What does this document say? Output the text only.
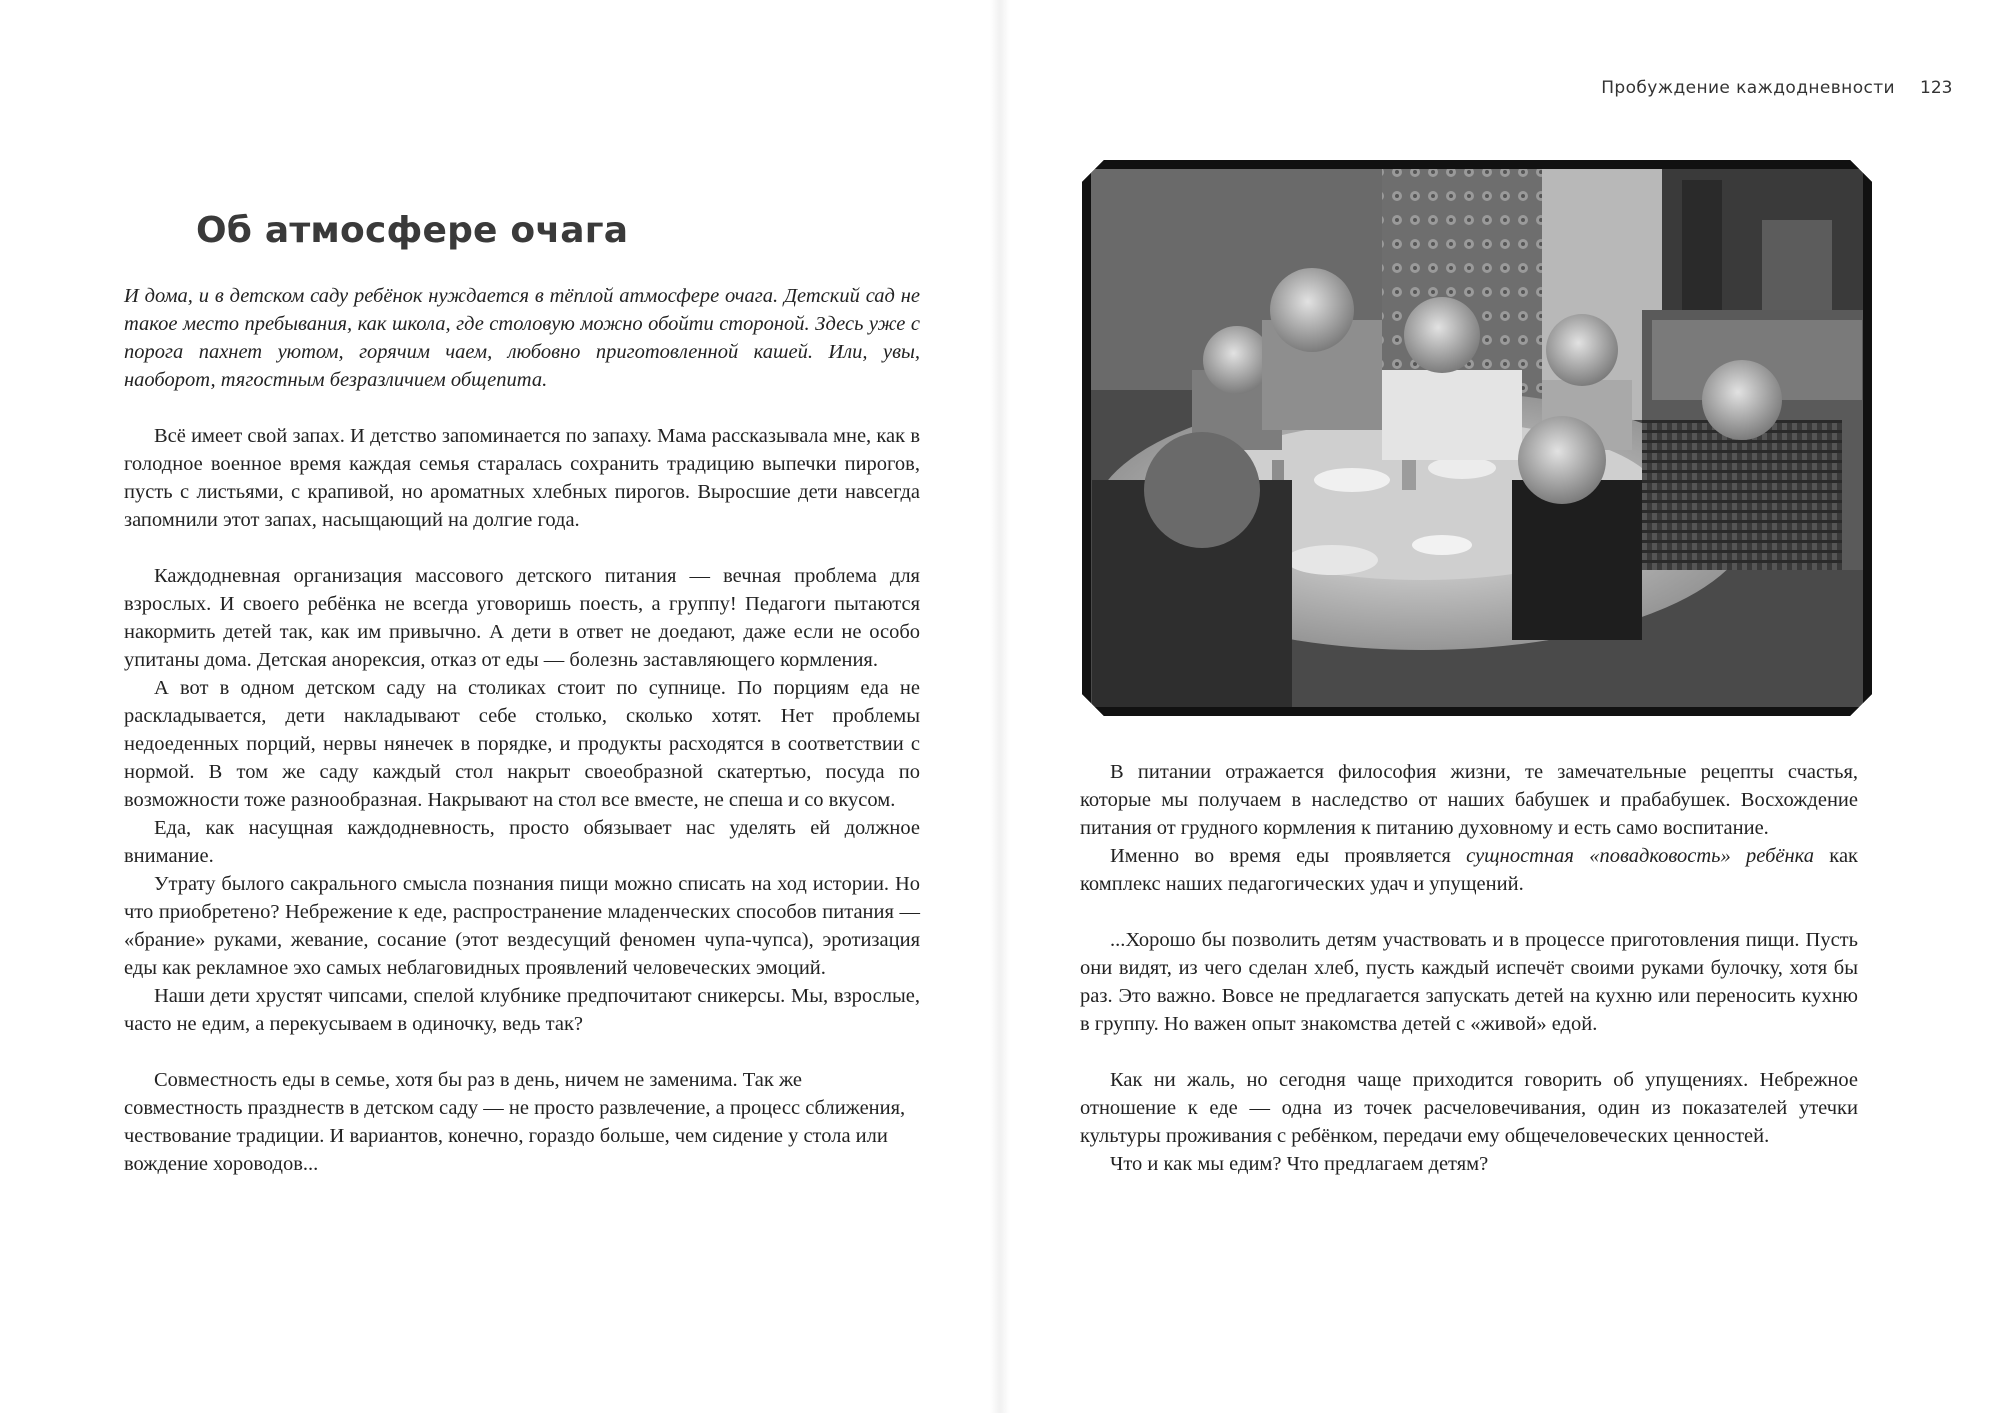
Об атмосфере очага

И дома, и в детском саду ребёнок нуждается в тёплой атмосфере очага. Детский сад не такое место пребывания, как школа, где столовую можно обойти стороной. Здесь уже с порога пахнет уютом, горячим чаем, любовно приготовленной кашей. Или, увы, наоборот, тягостным безразличием общепита.

Всё имеет свой запах. И детство запоминается по запаху. Мама рассказывала мне, как в голодное военное время каждая семья старалась сохранить традицию выпечки пирогов, пусть с листьями, с крапивой, но ароматных хлебных пирогов. Выросшие дети навсегда запомнили этот запах, насыщающий на долгие года.

Каждодневная организация массового детского питания — вечная проблема для взрослых. И своего ребёнка не всегда уговоришь поесть, а группу! Педагоги пытаются накормить детей так, как им привычно. А дети в ответ не доедают, даже если не особо упитаны дома. Детская анорексия, отказ от еды — болезнь заставляющего кормления.

А вот в одном детском саду на столиках стоит по супнице. По порциям еда не раскладывается, дети накладывают себе столько, сколько хотят. Нет проблемы недоеденных порций, нервы нянечек в порядке, и продукты расходятся в соответствии с нормой. В том же саду каждый стол накрыт своеобразной скатертью, посуда по возможности тоже разнообразная. Накрывают на стол все вместе, не спеша и со вкусом.

Еда, как насущная каждодневность, просто обязывает нас уделять ей должное внимание.

Утрату былого сакрального смысла познания пищи можно списать на ход истории. Но что приобретено? Небрежение к еде, распространение младенческих способов питания — «брание» руками, жевание, сосание (этот вездесущий феномен чупа-чупса), эротизация еды как рекламное эхо самых неблаговидных проявлений человеческих эмоций.

Наши дети хрустят чипсами, спелой клубнике предпочитают сникерсы. Мы, взрослые, часто не едим, а перекусываем в одиночку, ведь так?

Совместность еды в семье, хотя бы раз в день, ничем не заменима. Так же совместность празднеств в детском саду — не просто развлечение, а процесс сближения, чествование традиции. И вариантов, конечно, гораздо больше, чем сидение у стола или вождение хороводов...

Пробуждение каждодневности 123

В питании отражается философия жизни, те замечательные рецепты счастья, которые мы получаем в наследство от наших бабушек и прабабушек. Восхождение питания от грудного кормления к питанию духовному и есть само воспитание.

Именно во время еды проявляется сущностная «повадковость» ребёнка как комплекс наших педагогических удач и упущений.

...Хорошо бы позволить детям участвовать и в процессе приготовления пищи. Пусть они видят, из чего сделан хлеб, пусть каждый испечёт своими руками булочку, хотя бы раз. Это важно. Вовсе не предлагается запускать детей на кухню или переносить кухню в группу. Но важен опыт знакомства детей с «живой» едой.

Как ни жаль, но сегодня чаще приходится говорить об упущениях. Небрежное отношение к еде — одна из точек расчеловечивания, один из показателей утечки культуры проживания с ребёнком, передачи ему общечеловеческих ценностей.

Что и как мы едим? Что предлагаем детям?
